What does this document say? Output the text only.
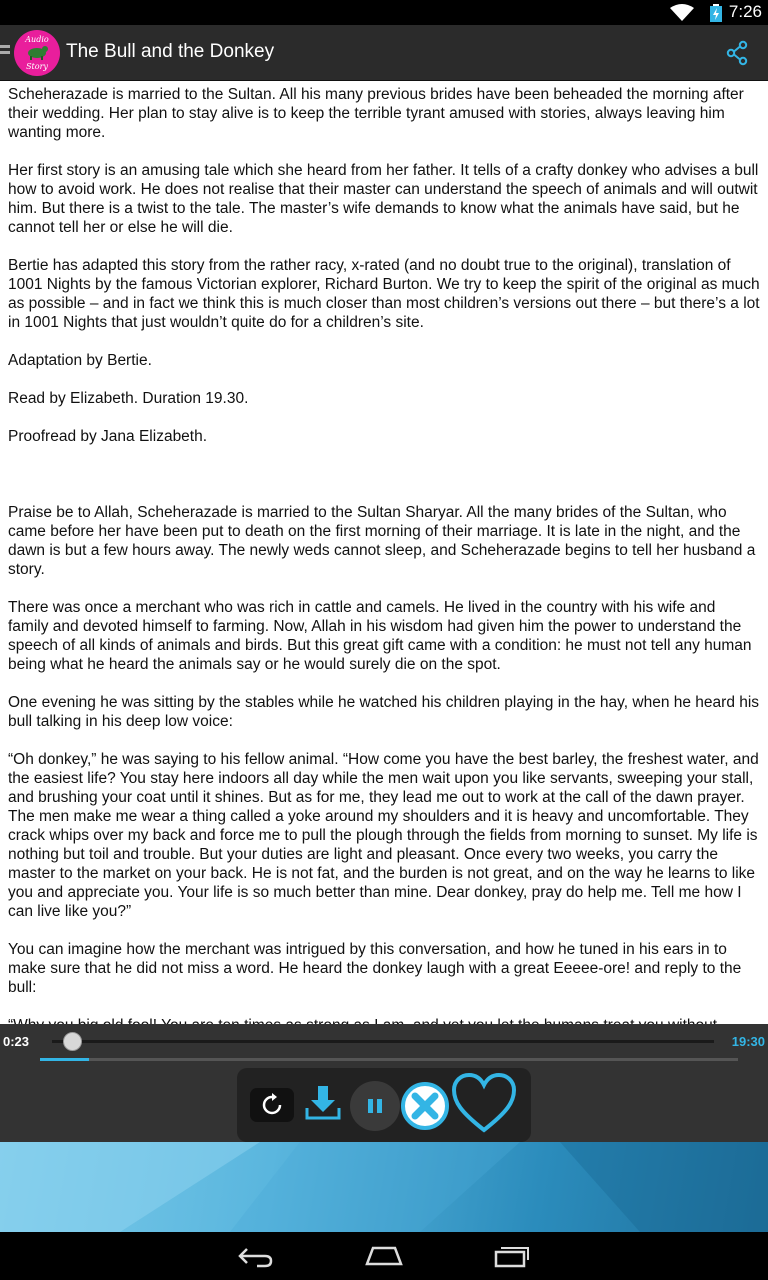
7:26
Audio
Story
The Bull and the Donkey

Scheherazade is married to the Sultan. All his many previous brides have been beheaded the morning after their wedding. Her plan to stay alive is to keep the terrible tyrant amused with stories, always leaving him wanting more.

Her first story is an amusing tale which she heard from her father. It tells of a crafty donkey who advises a bull how to avoid work. He does not realise that their master can understand the speech of animals and will outwit him. But there is a twist to the tale. The master’s wife demands to know what the animals have said, but he cannot tell her or else he will die.

Bertie has adapted this story from the rather racy, x-rated (and no doubt true to the original), translation of 1001 Nights by the famous Victorian explorer, Richard Burton. We try to keep the spirit of the original as much as possible – and in fact we think this is much closer than most children’s versions out there – but there’s a lot in 1001 Nights that just wouldn’t quite do for a children’s site.

Adaptation by Bertie.

Read by Elizabeth. Duration 19.30.

Proofread by Jana Elizabeth.

Praise be to Allah, Scheherazade is married to the Sultan Sharyar. All the many brides of the Sultan, who came before her have been put to death on the first morning of their marriage. It is late in the night, and the dawn is but a few hours away. The newly weds cannot sleep, and Scheherazade begins to tell her husband a story.

There was once a merchant who was rich in cattle and camels. He lived in the country with his wife and family and devoted himself to farming. Now, Allah in his wisdom had given him the power to understand the speech of all kinds of animals and birds. But this great gift came with a condition: he must not tell any human being what he heard the animals say or he would surely die on the spot.

One evening he was sitting by the stables while he watched his children playing in the hay, when he heard his bull talking in his deep low voice:

“Oh donkey,” he was saying to his fellow animal. “How come you have the best barley, the freshest water, and the easiest life? You stay here indoors all day while the men wait upon you like servants, sweeping your stall, and brushing your coat until it shines. But as for me, they lead me out to work at the call of the dawn prayer. The men make me wear a thing called a yoke around my shoulders and it is heavy and uncomfortable. They crack whips over my back and force me to pull the plough through the fields from morning to sunset. My life is nothing but toil and trouble. But your duties are light and pleasant. Once every two weeks, you carry the master to the market on your back. He is not fat, and the burden is not great, and on the way he learns to like you and appreciate you. Your life is so much better than mine. Dear donkey, pray do help me. Tell me how I can live like you?”

You can imagine how the merchant was intrigued by this conversation, and how he tuned in his ears in to make sure that he did not miss a word. He heard the donkey laugh with a great Eeeee-ore! and reply to the bull:

0:23	19:30
